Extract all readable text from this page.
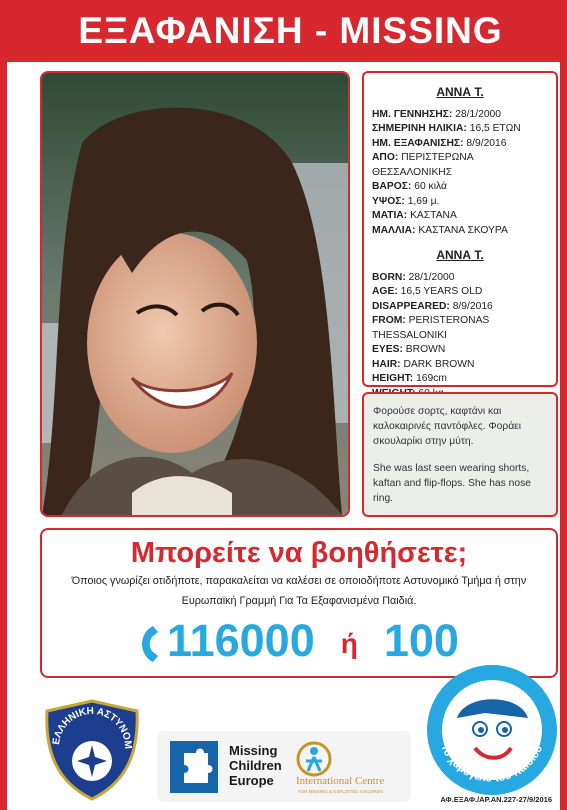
ΕΞΑΦΑΝΙΣΗ - MISSING
ΑΝΝΑ Τ.
ΗΜ. ΓΕΝΝΗΣΗΣ: 28/1/2000
ΣΗΜΕΡΙΝΗ ΗΛΙΚΙΑ: 16,5 ΕΤΩΝ
ΗΜ. ΕΞΑΦΑΝΙΣΗΣ: 8/9/2016
ΑΠΟ: ΠΕΡΙΣΤΕΡΩΝΑ ΘΕΣΣΑΛΟΝΙΚΗΣ
ΒΑΡΟΣ: 60 κιλά
ΥΨΟΣ: 1,69 μ.
ΜΑΤΙΑ: ΚΑΣΤΑΝΑ
ΜΑΛΛΙΑ: ΚΑΣΤΑΝΑ ΣΚΟΥΡΑ
ΑΝΝΑ Τ.
BORN: 28/1/2000
AGE: 16,5 YEARS OLD
DISAPPEARED: 8/9/2016
FROM: PERISTERONAS THESSALONIKI
EYES: BROWN
HAIR: DARK BROWN
HEIGHT: 169cm
Φορούσε σορτς, καφτάνι και καλοκαιρινές παντόφλες. Φοράει σκουλαρίκι στην μύτη.
She was last seen wearing shorts, kaftan and flip-flops. She has nose ring.
Μπορείτε να βοηθήσετε;
Όποιος γνωρίζει οτιδήποτε, παρακαλείται να καλέσει σε οποιοδήποτε Αστυνομικό Τμήμα ή στην
Ευρωπαϊκή Γραμμή Για Τα Εξαφανισμένα Παιδιά.
116000 ή 100
ΕΛΛΗΝΙΚΗ ΑΣΤΥΝΟΜ	Missing
Children
Europe	International Centre
FOR MISSING & EXPLOITED CHILDREN
Το χαμόγελο του παιδιού
ΑΦ.ΕΞΑΦ./ΑΡ.ΑΝ.227-27/9/2016
